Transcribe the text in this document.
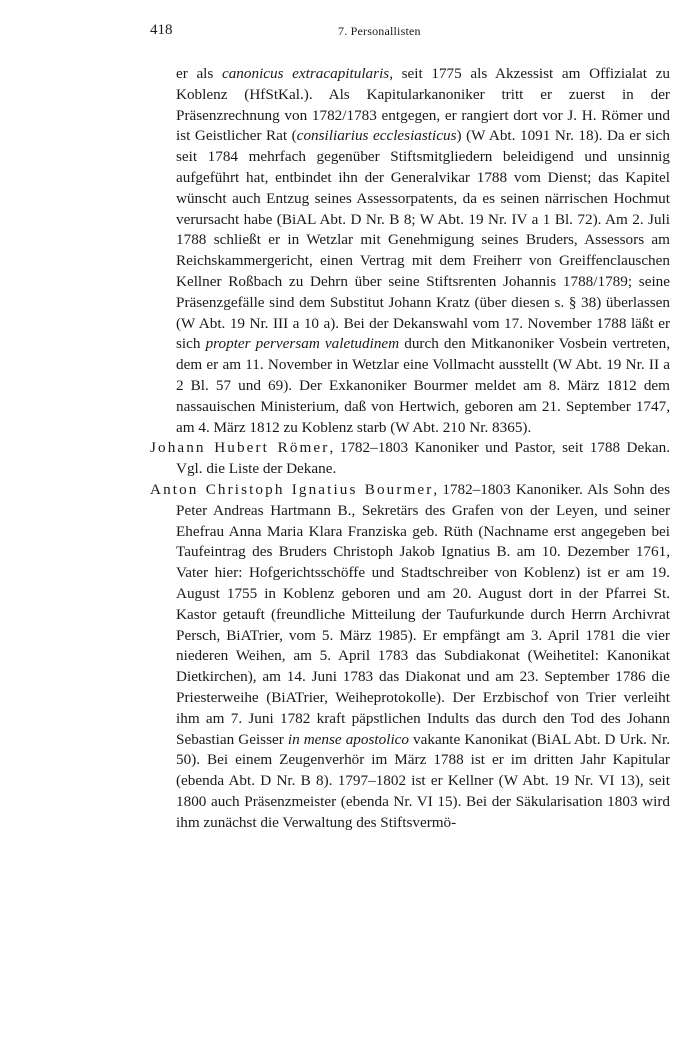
418	7. Personallisten

er als canonicus extracapitularis, seit 1775 als Akzessist am Offizialat zu Koblenz (HfStKal.). Als Kapitularkanoniker tritt er zuerst in der Präsenzrechnung von 1782/1783 entgegen, er rangiert dort vor J. H. Römer und ist Geistlicher Rat (consiliarius ecclesiasticus) (W Abt. 1091 Nr. 18). Da er sich seit 1784 mehrfach gegenüber Stiftsmitgliedern beleidigend und unsinnig aufgeführt hat, entbindet ihn der Generalvikar 1788 vom Dienst; das Kapitel wünscht auch Entzug seines Assessorpatents, da es seinen närrischen Hochmut verursacht habe (BiAL Abt. D Nr. B 8; W Abt. 19 Nr. IV a 1 Bl. 72). Am 2. Juli 1788 schließt er in Wetzlar mit Genehmigung seines Bruders, Assessors am Reichskammergericht, einen Vertrag mit dem Freiherr von Greiffenclauschen Kellner Roßbach zu Dehrn über seine Stiftsrenten Johannis 1788/1789; seine Präsenzgefälle sind dem Substitut Johann Kratz (über diesen s. § 38) überlassen (W Abt. 19 Nr. III a 10 a). Bei der Dekanswahl vom 17. November 1788 läßt er sich propter perversam valetudinem durch den Mitkanoniker Vosbein vertreten, dem er am 11. November in Wetzlar eine Vollmacht ausstellt (W Abt. 19 Nr. II a 2 Bl. 57 und 69). Der Exkanoniker Bourmer meldet am 8. März 1812 dem nassauischen Ministerium, daß von Hertwich, geboren am 21. September 1747, am 4. März 1812 zu Koblenz starb (W Abt. 210 Nr. 8365).

Johann Hubert Römer, 1782–1803 Kanoniker und Pastor, seit 1788 Dekan. Vgl. die Liste der Dekane.

Anton Christoph Ignatius Bourmer, 1782–1803 Kanoniker. Als Sohn des Peter Andreas Hartmann B., Sekretärs des Grafen von der Leyen, und seiner Ehefrau Anna Maria Klara Franziska geb. Rüth (Nachname erst angegeben bei Taufeintrag des Bruders Christoph Jakob Ignatius B. am 10. Dezember 1761, Vater hier: Hofgerichtsschöffe und Stadtschreiber von Koblenz) ist er am 19. August 1755 in Koblenz geboren und am 20. August dort in der Pfarrei St. Kastor getauft (freundliche Mitteilung der Taufurkunde durch Herrn Archivrat Persch, BiATrier, vom 5. März 1985). Er empfängt am 3. April 1781 die vier niederen Weihen, am 5. April 1783 das Subdiakonat (Weihetitel: Kanonikat Dietkirchen), am 14. Juni 1783 das Diakonat und am 23. September 1786 die Priesterweihe (BiATrier, Weiheprotokolle). Der Erzbischof von Trier verleiht ihm am 7. Juni 1782 kraft päpstlichen Indults das durch den Tod des Johann Sebastian Geisser in mense apostolico vakante Kanonikat (BiAL Abt. D Urk. Nr. 50). Bei einem Zeugenverhör im März 1788 ist er im dritten Jahr Kapitular (ebenda Abt. D Nr. B 8). 1797–1802 ist er Kellner (W Abt. 19 Nr. VI 13), seit 1800 auch Präsenzmeister (ebenda Nr. VI 15). Bei der Säkularisation 1803 wird ihm zunächst die Verwaltung des Stiftsvermö-
